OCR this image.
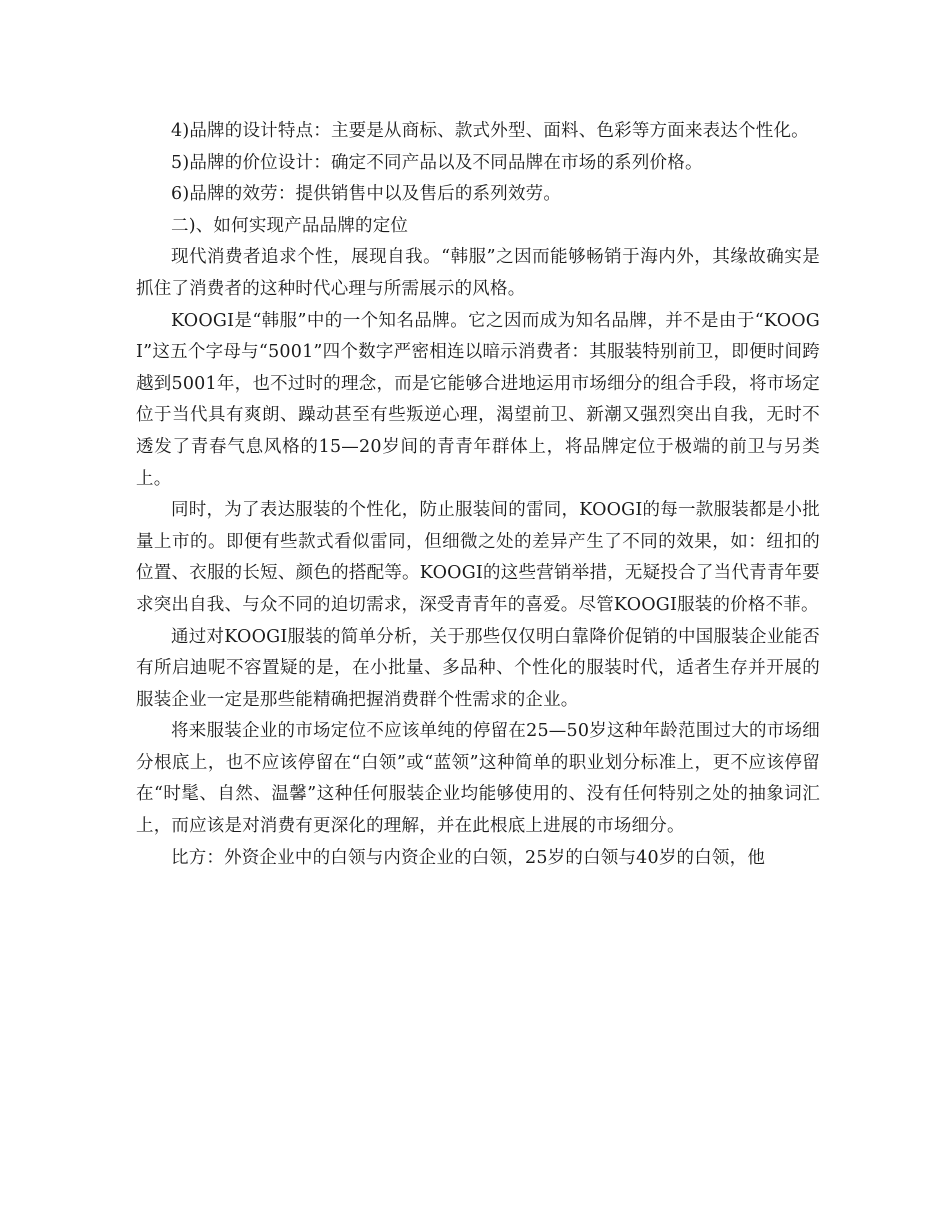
4)品牌的设计特点：主要是从商标、款式外型、面料、色彩等方面来表达个性化。

5)品牌的价位设计：确定不同产品以及不同品牌在市场的系列价格。

6)品牌的效劳：提供销售中以及售后的系列效劳。

二)、如何实现产品品牌的定位

现代消费者追求个性，展现自我。“韩服”之因而能够畅销于海内外，其缘故确实是抓住了消费者的这种时代心理与所需展示的风格。

KOOGI是“韩服”中的一个知名品牌。它之因而成为知名品牌，并不是由于“KOOGI”这五个字母与“5001”四个数字严密相连以暗示消费者：其服装特别前卫，即便时间跨越到5001年，也不过时的理念，而是它能够合进地运用市场细分的组合手段，将市场定位于当代具有爽朗、躁动甚至有些叛逆心理，渴望前卫、新潮又强烈突出自我，无时不透发了青春气息风格的15—20岁间的青青年群体上，将品牌定位于极端的前卫与另类上。

同时，为了表达服装的个性化，防止服装间的雷同，KOOGI的每一款服装都是小批量上市的。即便有些款式看似雷同，但细微之处的差异产生了不同的效果，如：纽扣的位置、衣服的长短、颜色的搭配等。KOOGI的这些营销举措，无疑投合了当代青青年要求突出自我、与众不同的迫切需求，深受青青年的喜爱。尽管KOOGI服装的价格不菲。

通过对KOOGI服装的简单分析，关于那些仅仅明白靠降价促销的中国服装企业能否有所启迪呢不容置疑的是，在小批量、多品种、个性化的服装时代，适者生存并开展的服装企业一定是那些能精确把握消费群个性需求的企业。

将来服装企业的市场定位不应该单纯的停留在25—50岁这种年龄范围过大的市场细分根底上，也不应该停留在“白领”或“蓝领”这种简单的职业划分标准上，更不应该停留在“时髦、自然、温馨”这种任何服装企业均能够使用的、没有任何特别之处的抽象词汇上，而应该是对消费有更深化的理解，并在此根底上进展的市场细分。

比方：外资企业中的白领与内资企业的白领，25岁的白领与40岁的白领，他
